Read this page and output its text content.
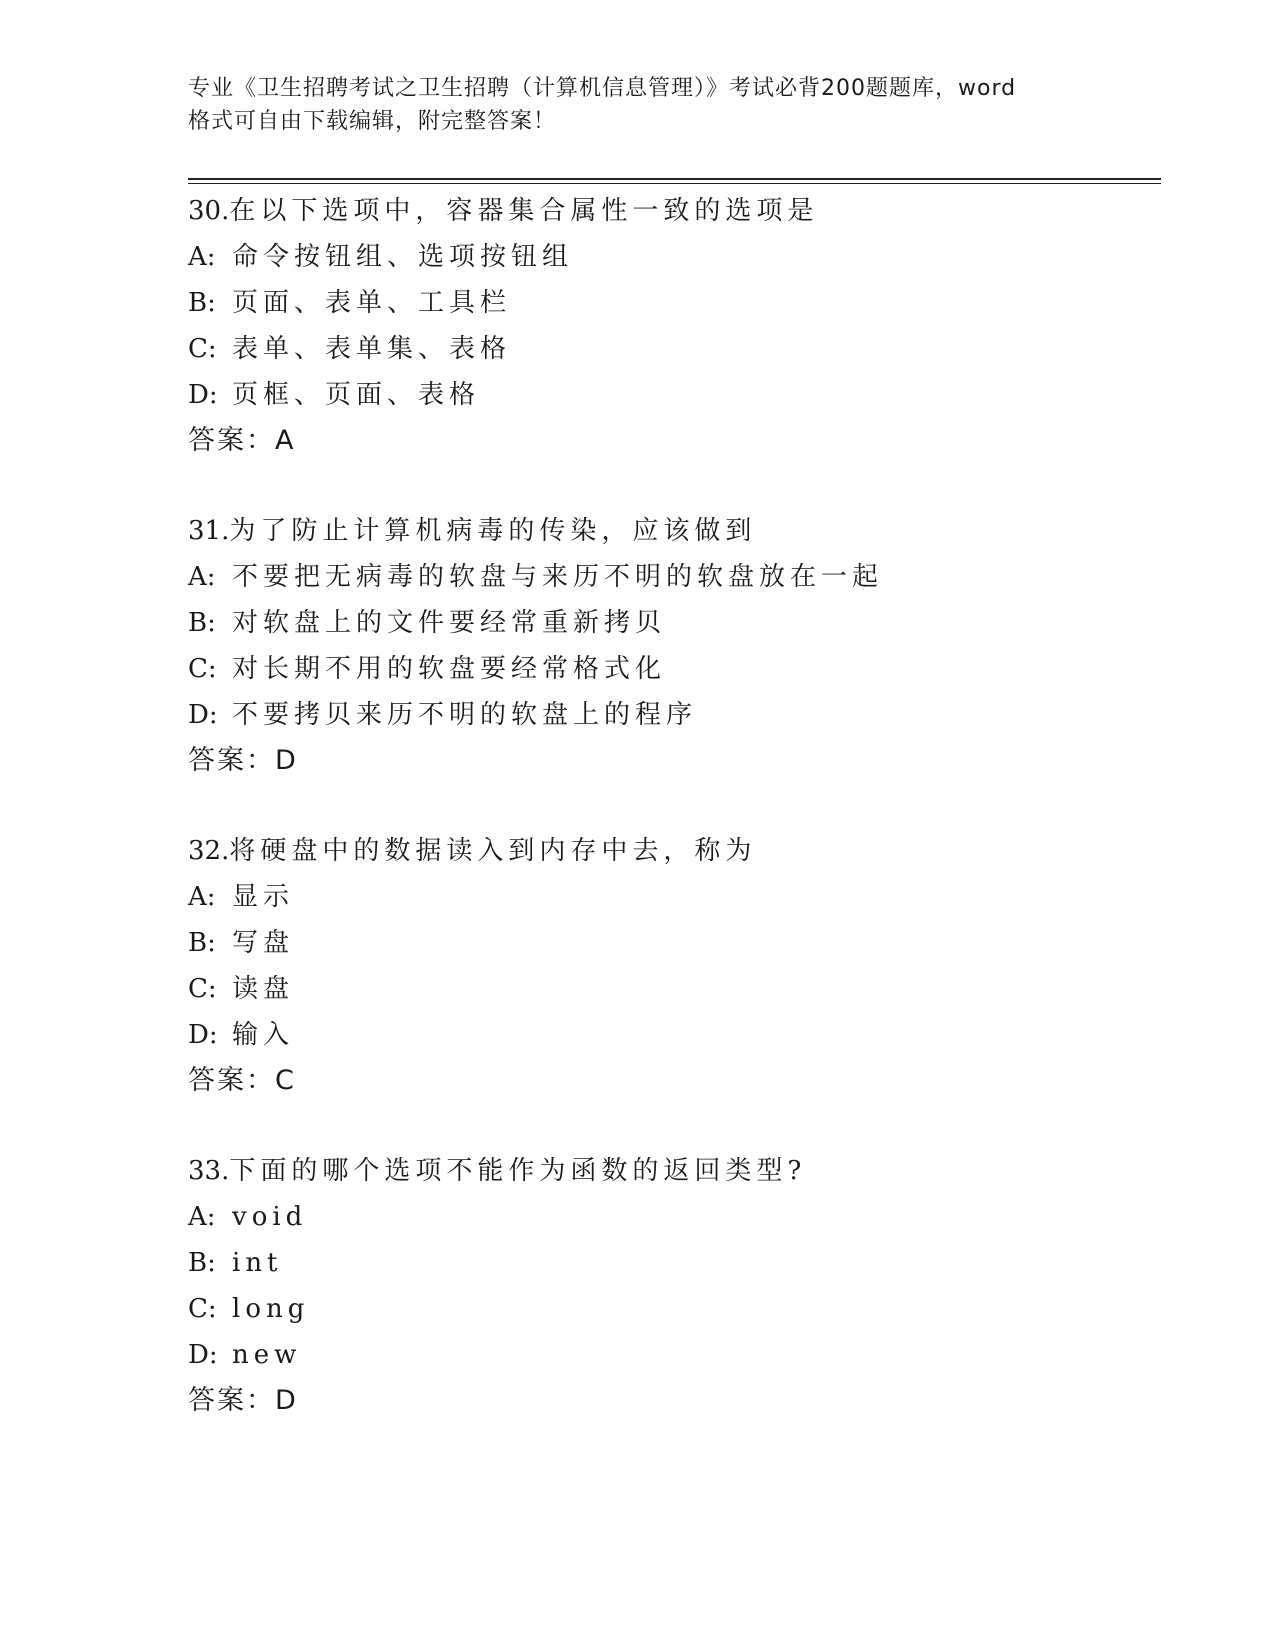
专业《卫生招聘考试之卫生招聘（计算机信息管理）》考试必背200题题库，word
格式可自由下载编辑，附完整答案！
30.在以下选项中，容器集合属性一致的选项是
A: 命令按钮组、选项按钮组
B: 页面、表单、工具栏
C: 表单、表单集、表格
D: 页框、页面、表格
答案：A
31.为了防止计算机病毒的传染，应该做到
A: 不要把无病毒的软盘与来历不明的软盘放在一起
B: 对软盘上的文件要经常重新拷贝
C: 对长期不用的软盘要经常格式化
D: 不要拷贝来历不明的软盘上的程序
答案：D
32.将硬盘中的数据读入到内存中去，称为
A: 显示
B: 写盘
C: 读盘
D: 输入
答案：C
33.下面的哪个选项不能作为函数的返回类型?
A: void
B: int
C: long
D: new
答案：D
